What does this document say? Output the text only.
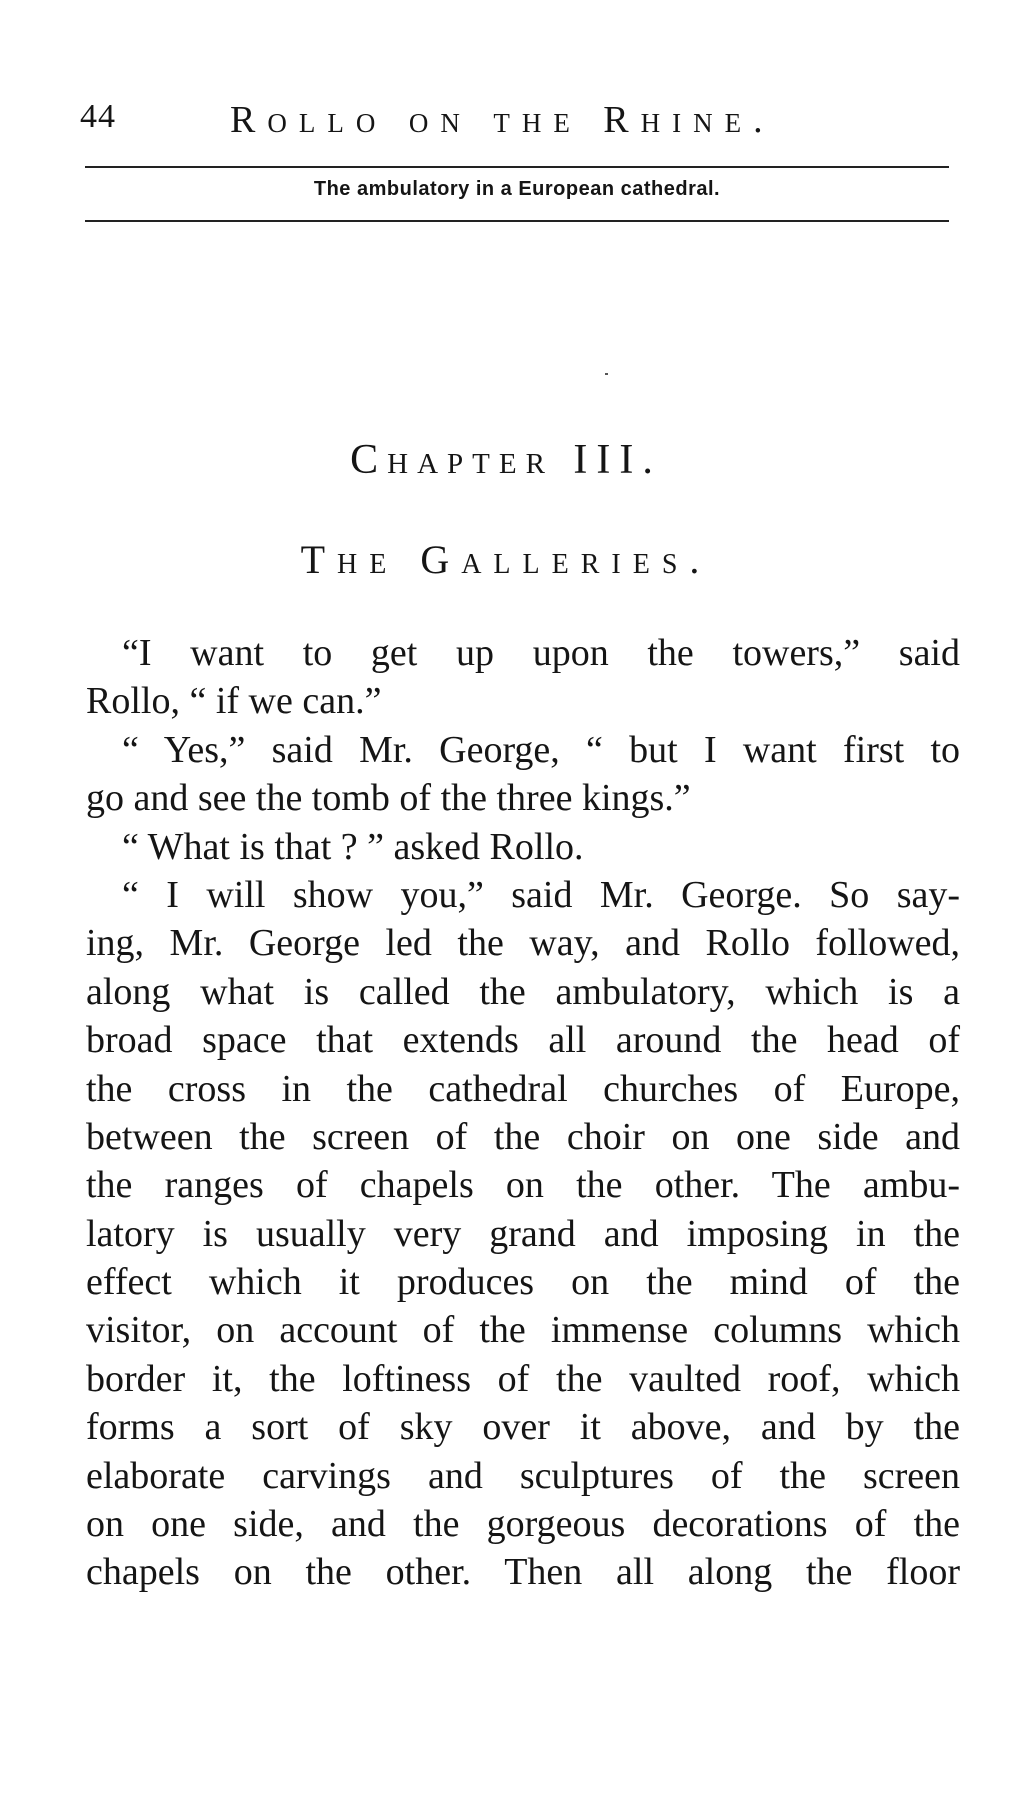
44	Rollo on the Rhine.
The ambulatory in a European cathedral.
Chapter III.
The Galleries.
“I want to get up upon the towers,” said
Rollo, “ if we can.”
“ Yes,” said Mr. George, “ but I want first to
go and see the tomb of the three kings.”
“ What is that ? ” asked Rollo.
“ I will show you,” said Mr. George. So say-
ing, Mr. George led the way, and Rollo followed,
along what is called the ambulatory, which is a
broad space that extends all around the head of
the cross in the cathedral churches of Europe,
between the screen of the choir on one side and
the ranges of chapels on the other. The ambu-
latory is usually very grand and imposing in the
effect which it produces on the mind of the
visitor, on account of the immense columns which
border it, the loftiness of the vaulted roof, which
forms a sort of sky over it above, and by the
elaborate carvings and sculptures of the screen
on one side, and the gorgeous decorations of the
chapels on the other. Then all along the floor
